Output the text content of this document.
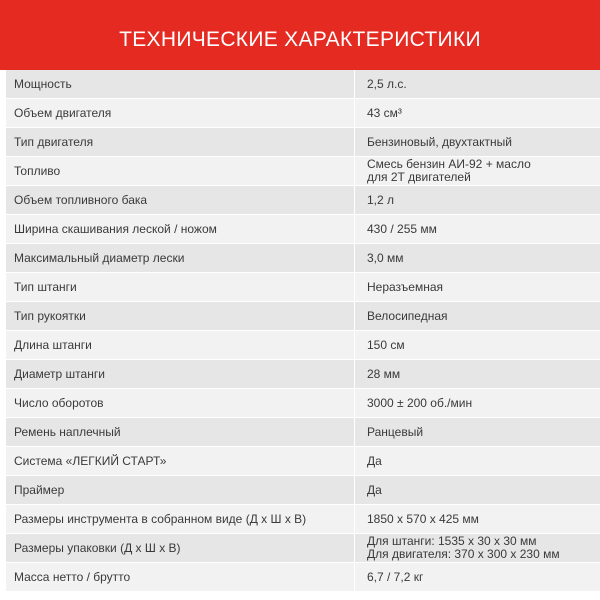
ТЕХНИЧЕСКИЕ ХАРАКТЕРИСТИКИ
Мощность	2,5 л.с.

Объем двигателя	43 см³

Тип двигателя	Бензиновый, двухтактный

Топливо	Смесь бензин АИ-92 + масло
для 2Т двигателей

Объем топливного бака	1,2 л

Ширина скашивания леской / ножом	430 / 255 мм

Максимальный диаметр лески	3,0 мм

Тип штанги	Неразъемная

Тип рукоятки	Велосипедная

Длина штанги	150 см

Диаметр штанги	28 мм

Число оборотов	3000 ± 200 об./мин

Ремень наплечный	Ранцевый

Система «ЛЕГКИЙ СТАРТ»	Да

Праймер	Да

Размеры инструмента в собранном виде (Д х Ш х В)	1850 x 570 x 425 мм

Размеры упаковки (Д х Ш х В)	Для штанги: 1535 x 30 x 30 мм
Для двигателя: 370 x 300 x 230 мм

Масса нетто / брутто	6,7 / 7,2 кг
